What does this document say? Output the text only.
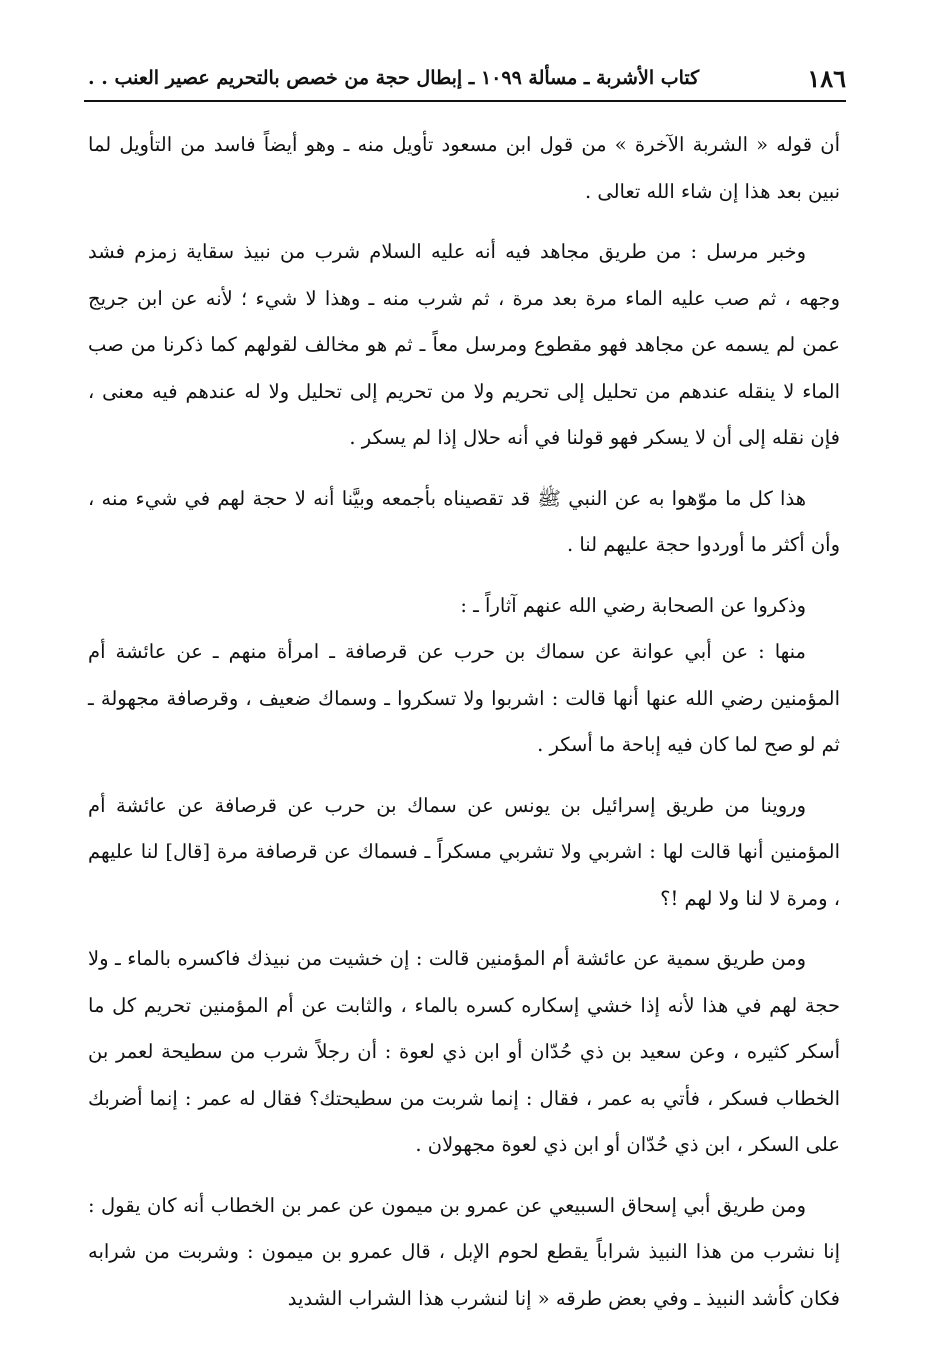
١٨٦
كتاب الأشربة ـ مسألة ١٠٩٩ ـ إبطال حجة من خصص بالتحريم عصير العنب . .

أن قوله « الشربة الآخرة » من قول ابن مسعود تأويل منه ـ وهو أيضاً فاسد من التأويل لما نبين بعد هذا إن شاء الله تعالى .

وخبر مرسل : من طريق مجاهد فيه أنه عليه السلام شرب من نبيذ سقاية زمزم فشد وجهه ، ثم صب عليه الماء مرة بعد مرة ، ثم شرب منه ـ وهذا لا شيء ؛ لأنه عن ابن جريج عمن لم يسمه عن مجاهد فهو مقطوع ومرسل معاً ـ ثم هو مخالف لقولهم كما ذكرنا من صب الماء لا ينقله عندهم من تحليل إلى تحريم ولا من تحريم إلى تحليل ولا له عندهم فيه معنى ، فإن نقله إلى أن لا يسكر فهو قولنا في أنه حلال إذا لم يسكر .

هذا كل ما موّهوا به عن النبي ﷺ قد تقصيناه بأجمعه وبيَّنا أنه لا حجة لهم في شيء منه ، وأن أكثر ما أوردوا حجة عليهم لنا .

وذكروا عن الصحابة رضي الله عنهم آثاراً ـ :

منها : عن أبي عوانة عن سماك بن حرب عن قرصافة ـ امرأة منهم ـ عن عائشة أم المؤمنين رضي الله عنها أنها قالت : اشربوا ولا تسكروا ـ وسماك ضعيف ، وقرصافة مجهولة ـ ثم لو صح لما كان فيه إباحة ما أسكر .

وروينا من طريق إسرائيل بن يونس عن سماك بن حرب عن قرصافة عن عائشة أم المؤمنين أنها قالت لها : اشربي ولا تشربي مسكراً ـ فسماك عن قرصافة مرة [قال] لنا عليهم ، ومرة لا لنا ولا لهم !؟

ومن طريق سمية عن عائشة أم المؤمنين قالت : إن خشيت من نبيذك فاكسره بالماء ـ ولا حجة لهم في هذا لأنه إذا خشي إسكاره كسره بالماء ، والثابت عن أم المؤمنين تحريم كل ما أسكر كثيره ، وعن سعيد بن ذي حُدّان أو ابن ذي لعوة : أن رجلاً شرب من سطيحة لعمر بن الخطاب فسكر ، فأتي به عمر ، فقال : إنما شربت من سطيحتك؟ فقال له عمر : إنما أضربك على السكر ، ابن ذي حُدّان أو ابن ذي لعوة مجهولان .

ومن طريق أبي إسحاق السبيعي عن عمرو بن ميمون عن عمر بن الخطاب أنه كان يقول : إنا نشرب من هذا النبيذ شراباً يقطع لحوم الإبل ، قال عمرو بن ميمون : وشربت من شرابه فكان كأشد النبيذ ـ وفي بعض طرقه « إنا لنشرب هذا الشراب الشديد
